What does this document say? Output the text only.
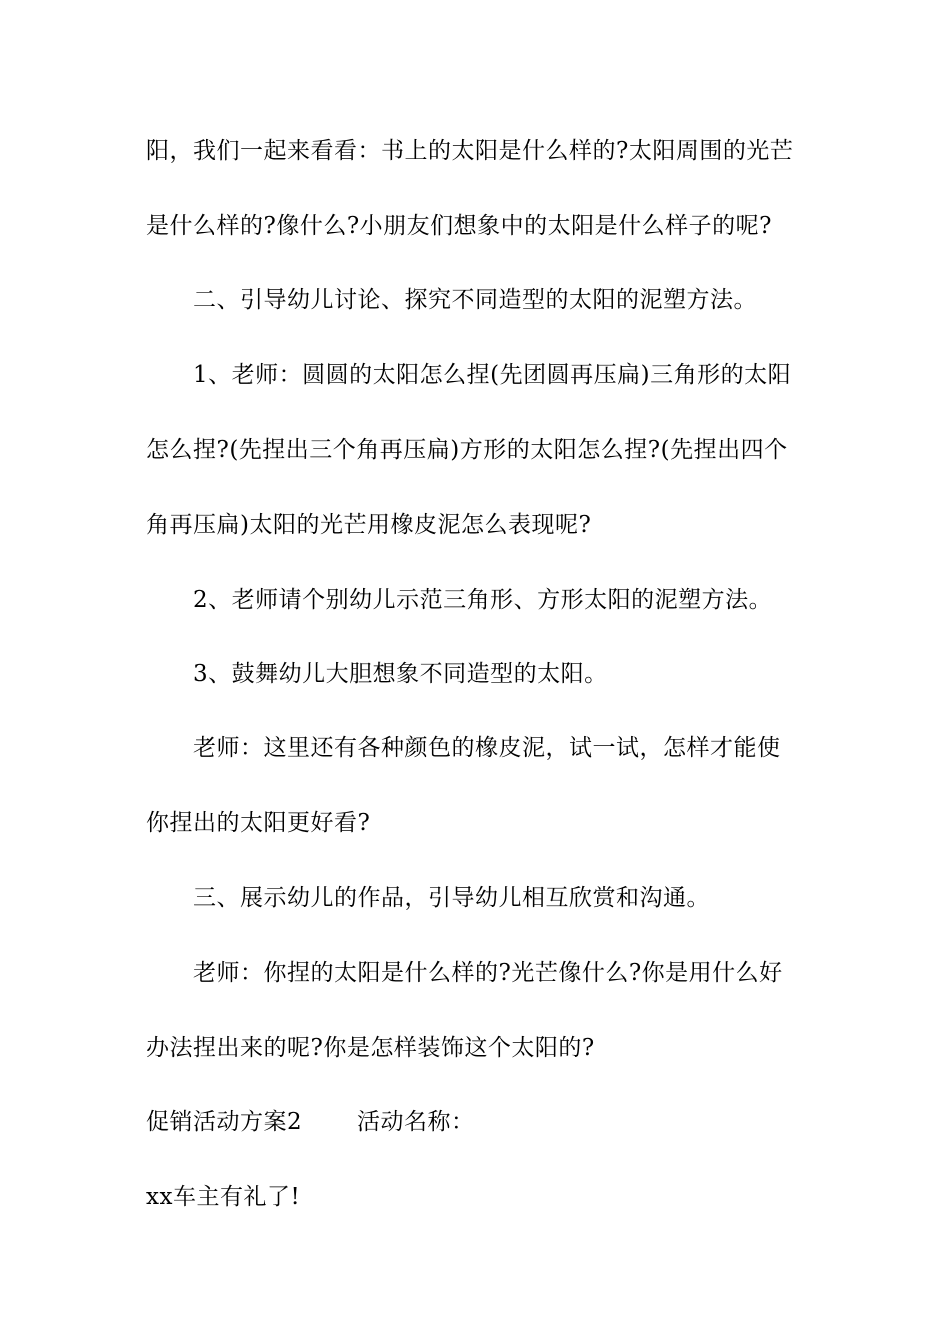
阳，我们一起来看看：书上的太阳是什么样的?太阳周围的光芒
是什么样的?像什么?小朋友们想象中的太阳是什么样子的呢?
二、引导幼儿讨论、探究不同造型的太阳的泥塑方法。
1、老师：圆圆的太阳怎么捏(先团圆再压扁)三角形的太阳
怎么捏?(先捏出三个角再压扁)方形的太阳怎么捏?(先捏出四个
角再压扁)太阳的光芒用橡皮泥怎么表现呢?
2、老师请个别幼儿示范三角形、方形太阳的泥塑方法。
3、鼓舞幼儿大胆想象不同造型的太阳。
老师：这里还有各种颜色的橡皮泥，试一试，怎样才能使
你捏出的太阳更好看?
三、展示幼儿的作品，引导幼儿相互欣赏和沟通。
老师：你捏的太阳是什么样的?光芒像什么?你是用什么好
办法捏出来的呢?你是怎样装饰这个太阳的?
促销活动方案2　　 活动名称：
xx车主有礼了!
